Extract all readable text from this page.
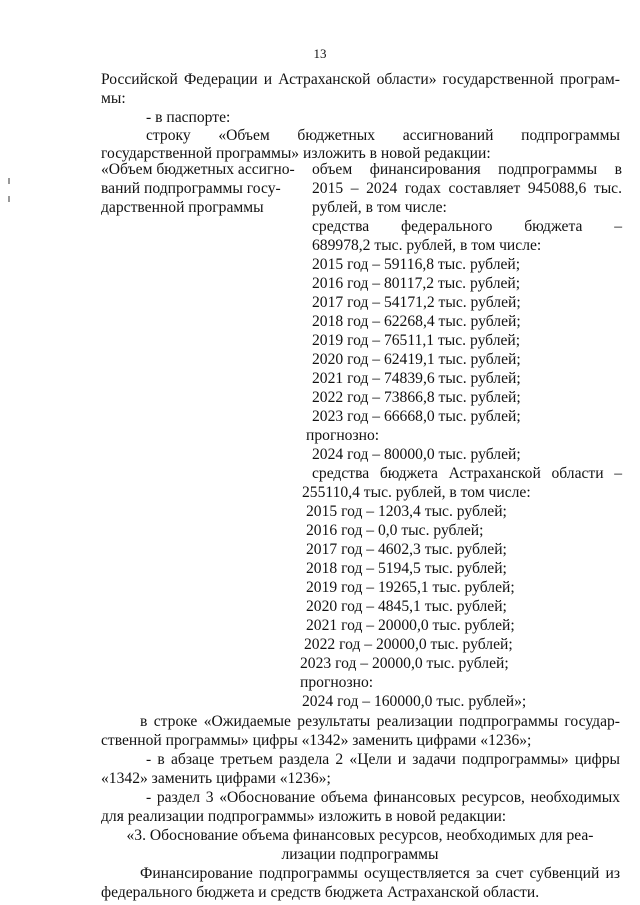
13
Российской Федерации и Астраханской области» государственной програм-
мы:
- в паспорте:
строку «Объем бюджетных ассигнований подпрограммы
государственной программы» изложить в новой редакции:
«Объем бюджетных ассигно-
ваний подпрограммы госу-
дарственной программы
объем финансирования подпрограммы в
2015 – 2024 годах составляет 945088,6 тыс.
рублей, в том числе:
средства федерального бюджета –
689978,2 тыс. рублей, в том числе:
2015 год – 59116,8 тыс. рублей;
2016 год – 80117,2 тыс. рублей;
2017 год – 54171,2 тыс. рублей;
2018 год – 62268,4 тыс. рублей;
2019 год – 76511,1 тыс. рублей;
2020 год – 62419,1 тыс. рублей;
2021 год – 74839,6 тыс. рублей;
2022 год – 73866,8 тыс. рублей;
2023 год – 66668,0 тыс. рублей;
прогнозно:
2024 год – 80000,0 тыс. рублей;
средства бюджета Астраханской области –
255110,4 тыс. рублей, в том числе:
2015 год – 1203,4 тыс. рублей;
2016 год – 0,0 тыс. рублей;
2017 год – 4602,3 тыс. рублей;
2018 год – 5194,5 тыс. рублей;
2019 год – 19265,1 тыс. рублей;
2020 год – 4845,1 тыс. рублей;
2021 год – 20000,0 тыс. рублей;
2022 год – 20000,0 тыс. рублей;
2023 год – 20000,0 тыс. рублей;
прогнозно:
2024 год – 160000,0 тыс. рублей»;
в строке «Ожидаемые результаты реализации подпрограммы государ-
ственной программы» цифры «1342» заменить цифрами «1236»;
- в абзаце третьем раздела 2 «Цели и задачи подпрограммы» цифры
«1342» заменить цифрами «1236»;
- раздел 3 «Обоснование объема финансовых ресурсов, необходимых
для реализации подпрограммы» изложить в новой редакции:
«3. Обоснование объема финансовых ресурсов, необходимых для реа-
лизации подпрограммы
Финансирование подпрограммы осуществляется за счет субвенций из
федерального бюджета и средств бюджета Астраханской области.
